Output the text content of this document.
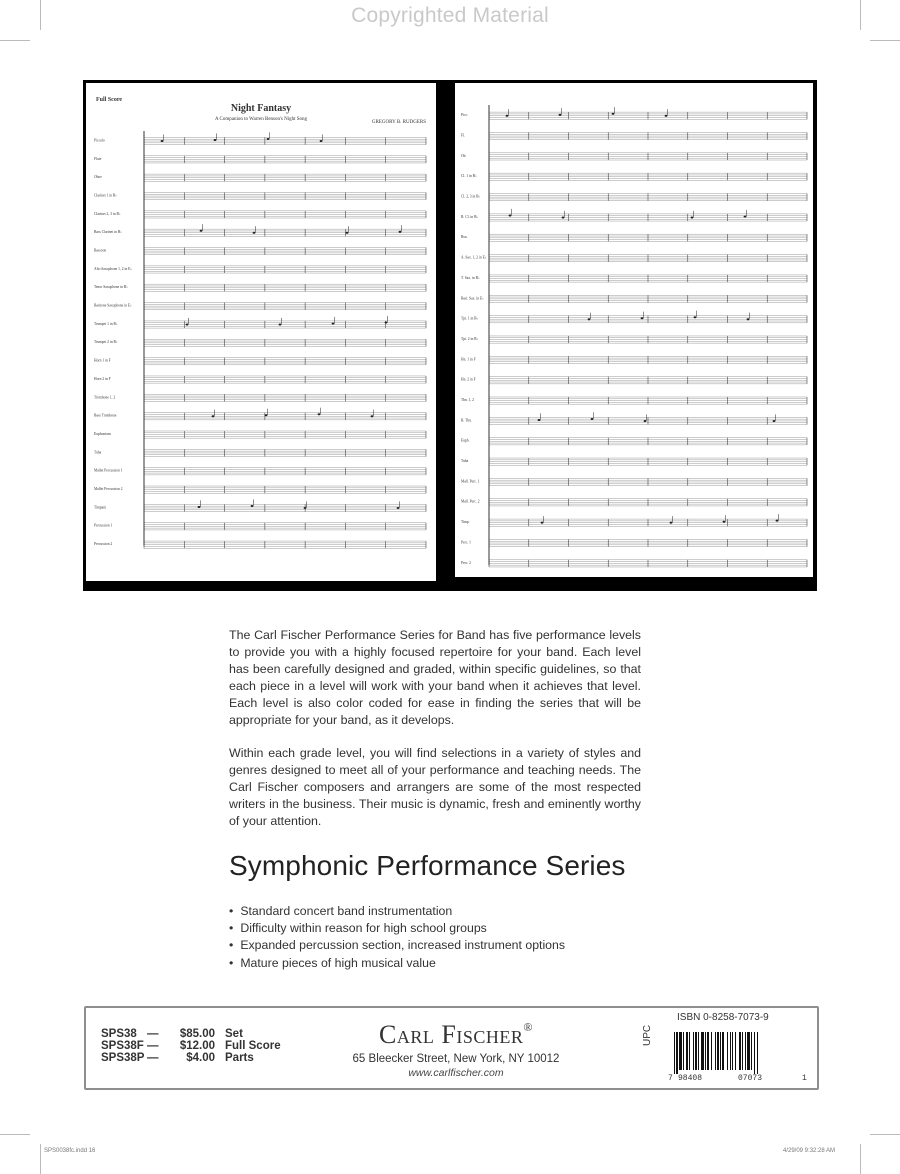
Copyrighted Material
Full Score
Night Fantasy
A Companion to Warren Benson's Night Song
GREGORY B. RUDGERS
Piccolo
Flute
Oboe
Clarinet 1 in B♭
Clarinet 2, 3 in B♭
Bass Clarinet in B♭
Bassoon
Alto Saxophone 1, 2 in E♭
Tenor Saxophone in B♭
Baritone Saxophone in E♭
Trumpet 1 in B♭
Trumpet 2 in B♭
Horn 1 in F
Horn 2 in F
Trombone 1, 2
Bass Trombone
Euphonium
Tuba
Mallet Percussion 1
Mallet Percussion 2
Timpani
Percussion 1
Percussion 2
Picc.
Fl.
Ob.
Cl. 1 in B♭
Cl. 2, 3 in B♭
B. Cl. in B♭
Bsn.
A. Sax. 1, 2 in E♭
T. Sax. in B♭
Bari. Sax. in E♭
Tpt. 1 in B♭
Tpt. 2 in B♭
Hn. 1 in F
Hn. 2 in F
Tbn. 1, 2
B. Tbn.
Euph.
Tuba
Mall. Perc. 1
Mall. Perc. 2
Timp.
Perc. 1
Perc. 2

The Carl Fischer Performance Series for Band has five performance levels to provide you with a highly focused repertoire for your band. Each level has been carefully designed and graded, within specific guidelines, so that each piece in a level will work with your band when it achieves that level. Each level is also color coded for ease in finding the series that will be appropriate for your band, as it develops.

Within each grade level, you will find selections in a variety of styles and genres designed to meet all of your performance and teaching needs. The Carl Fischer composers and arrangers are some of the most respected writers in the business. Their music is dynamic, fresh and eminently worthy of your attention.

Symphonic Performance Series
• Standard concert band instrumentation
• Difficulty within reason for high school groups
• Expanded percussion section, increased instrument options
• Mature pieces of high musical value
SPS38 —	$85.00 Set
SPS38F —	$12.00 Full Score
SPS38P —	$4.00 Parts
Carl Fischer®
65 Bleecker Street, New York, NY 10012
www.carlfischer.com
UPC
ISBN 0-8258-7073-9
7 98408	07073	1
SPS0038fc.indd 16	4/29/09 9:32:28 AM
